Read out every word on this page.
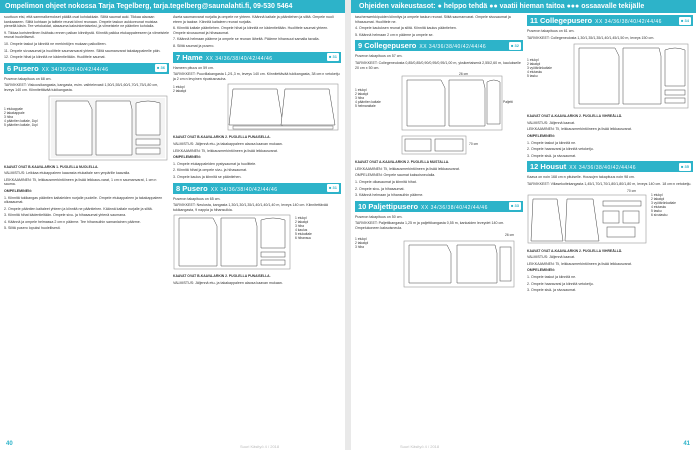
Ompelimon ohjeet nokossa Tarja Tegelberg, tarja.tegelberg@saunalahti.fi, 09-530 5464	Ohjeiden vaikeustasot: ● helppo tehdä ●● vaatii hieman taitoa ●●● ossaavalle tekijälle

suuttuun etsi, että sammalkerrokset päällä ovat kohdakkain. Silitä saumat auki. Tikkaa alaosan kankaaseen. Silitä kohtaan ja taittele reunat kiinni reunaan. Ompele taskun aukkoreunat muistaa pienellä käsin. Tee vetokaidat, alasauma kaksinkertaiseksi, ja viimeistele ne pääntien kohdalla.

9. Tikkaa koristeellinen lisähaku ennen paikan kiinnitystä. Kiinnitä paikka etukappaleeseen ja viimeistele reunat huolellisesti.

10. Ompele taskut ja kiinnitä ne merkintöjen mukaan paikoilleen.

11. Ompele sivusaumat ja huolittele saumanvarat yhteen. Silitä saumanvarat takakappaleelle päin.

12. Ompele hihat ja kiinnitä ne kädentieltään. Huolittele saumat.

6 Pusero XX 34/36/38/40/42/44/46	■ 36

Puseron takapituus on 68 cm.

TARVIKKEET: Viskoosikangasta, kangasta, esim. vaihtelevasti 1,50/1,55/1,60/1,70/1,75/1,80 cm, leveys 140 cm. Kiinnitettävää tukikangasta.

1 etukappale
2 takakappale
3 hiha
4 pääntien kaitale, 1kpl
5 pääntien kaitale, 1kpl

KAAVAT OVAT B-KAAVA-ARKIN 1. PUOLELLA NUOLELLA.

VALMISTUS: Leikkaa etukappaleen kaavasta etukaitale sen ympärille kaavalla.

LEIKKAAMINEN: Tii, leikkausmerkintöineen ja lisää leikkaus-varat, 1 cm:n saumanvarat, 1 cm:n sauma.

OMPELEMINEN:

1. Kiinnitä tukikangas pääntien kaitaleiden nurjalle puolelle. Ompele etukappaleen ja takakappaleen olkasaumat.

2. Ompele pääntien kaitaleet yhteen ja kiinnitä ne pääntiehen. Käännä kaitale nurjalle ja silitä.

3. Kiinnitä hihat kädentieltään. Ompele sivu- ja hihasaumat yhtenä saumana.

4. Käännä ja ompele helmassa 2 cm:n päärme. Tee hihansuihin samanlainen päärme.

5. Silitä pusero lopuksi huolellisesti.

Aseta saumanvarat nurjalta ja ompele ne yhteen. Käännä kaitale ja pääntiehen ja silitä. Ompele nuoli eteen ja taakse. Kiinnitä kaitaleen reunat nurjalta.

6. Kiinnitä kaitale pääntiehen. Ompele hihat ja kiinnitä ne kädentieltään. Huolittele saumat yhteen. Ompele sivusaumat ja hihasaumat.

7. Käännä helmaan päärme ja ompele se reunan läheltä. Päärme hihansuut samalla tavalla.

8. Silitä saumat ja pusero.

7 Hame XX 34/36/38/40/42/44/46	■ 31

Hameen pituus on 59 cm.

TARVIKKEET: Puuvillakangasta 1,2/1,3 m, leveys 140 cm. Kiinnitettävää tukikangasta, 38 cm:n vetoketju ja 2 cm:n levyinen ripustusnauha.

1 etukpl
2 takakpl

KAAVAT OVAT B-KAAVA-ARKIN 2. PUOLELLA PUNAISELLA.

VALMISTUS: Jäljennä etu- ja takakappaleen alaosa kaavan mukaan.

LEIKKAAMINEN: Tii, leikkausmerkintöineen ja lisää leikkausvarat.

OMPELEMINEN:

1. Ompele etukappaleiden pystysaumat ja huolittele.

2. Kiinnitä hihat ja ompele sivu- ja hihasaumat.

3. Ompele kaulus ja kiinnitä se pääntiehen.

8 Pusero XX 34/36/38/40/42/44/46	■ 31

Puseron takapituus on 65 cm.

TARVIKKEET: Neulosta, kangasta 1,30/1,30/1,35/1,40/1,40/1,40 m, leveys 140 cm. Kiinnitettävää tukikangasta, 9 nappia ja hihansulkia.

1 etukpl
2 takakpl
3 hiha
4 kaulus
5 etukaitale
6 hihansuu

KAAVAT OVAT B-KAAVA-ARKIN 2. PUOLELLA PUNAISELLA.

VALMISTUS: Jäljennä etu- ja takakappaleen alaosa kaavan mukaan.

taschenwerkkipuiden kiinnitys ja ompele taskun reunat. Silitä saumanvarat. Ompele sivusaumat ja hihasaumat. Huolittele ne.

4. Ompele kauluksen reunat ja silitä. Kiinnitä kaulus pääntiehen.

5. Käännä helmaan 2 cm:n päärme ja ompele se.

9 Collegepusero XX 34/36/38/40/42/44/46	■ 32

Puseron takapituus on 57 cm.

TARVIKKEET: Collegeneulosta 0,85/0,85/0,90/0,95/0,95/1,00 m, yksikertaisenä 2,55/2,60 m, kaulukselle 20 cm x 50 cm.

1 etukpl
2 takakpl
3 hiha
4 pääntien kaitale
5 helmaraitale
26 cm
Paljetti
70 cm

KAAVAT OVAT A-KAAVA-ARKIN 2. PUOLELLA MUSTALLA.

LEIKKAAMINEN: Tii, leikkausmerkintöineen ja lisää leikkausvarat.

OMPELEMINEN: Ompele saumat kaksoisneulalla.

1. Ompele olkasaumat ja kiinnitä hihat.

2. Ompele sivu- ja hihasaumat.

3. Käännä helmaan ja hihansuihin päärme.

10 Paljettipusero XX 34/36/38/40/42/44/46	■ 33

Puseron takapituus on 50 cm.

TARVIKKEET: Paljettikangasta 1,25 m ja paljettikangasta 0,55 m, kankaiden leveydet 140 cm. Ompelukoneen kaksoisneula.

1 etukpl
2 takakpl
3 hiha
26 cm
11 Collegepusero XX 34/36/38/40/42/44/46	■ 34

Puseron takapituus on 61 cm.

TARVIKKEET: Collegeneulosta 1,30/1,35/1,35/1,40/1,45/1,50 m, leveys 150 cm.

1 etukpl
2 takakpl
3 vyötärönkaitale
4 etutasku
5 tasku

KAAVAT OVAT A-KAAVA-ARKIN 2. PUOLELLA VIHREÄLLÄ.

VALMISTUS: Jäljennä kaavat.

LEIKKAAMINEN: Tii, leikkausmerkintöineen ja lisää leikkausvarat.

OMPELEMINEN:

1. Ompele taskut ja kiinnitä ne.

2. Ompele haaravarsi ja kiinnitä vetoketju.

3. Ompele sisä- ja sivusaumat.

12 Housut XX 34/36/38/40/42/44/46	■ 35

Kaava on noin 168 cm:n pituiselle. Housujen takapituus noin 98 cm.

TARVIKKEET: Villasekoitekangasta 1,45/1,70/1,70/1,80/1,80/1,80 m, leveys 140 cm. 18 cm:n vetoketju.

1 etukpl
2 takakpl
3 vyötärönkaitale
4 etutasku
5 tasku
6 sivutasku
70 cm

KAAVAT OVAT A-KAAVA-ARKIN 2. PUOLELLA VIHREÄLLÄ.

VALMISTUS: Jäljennä kaavat.

LEIKKAAMINEN: Tii, leikkausmerkintöineen ja lisää leikkausvarat.

OMPELEMINEN:

1. Ompele taskut ja kiinnitä ne.

2. Ompele haaravarsi ja kiinnitä vetoketju.

3. Ompele sisä- ja sivusaumat.

40	41
Suuri Käsityö 4 / 2018	Suuri Käsityö 4 / 2018
